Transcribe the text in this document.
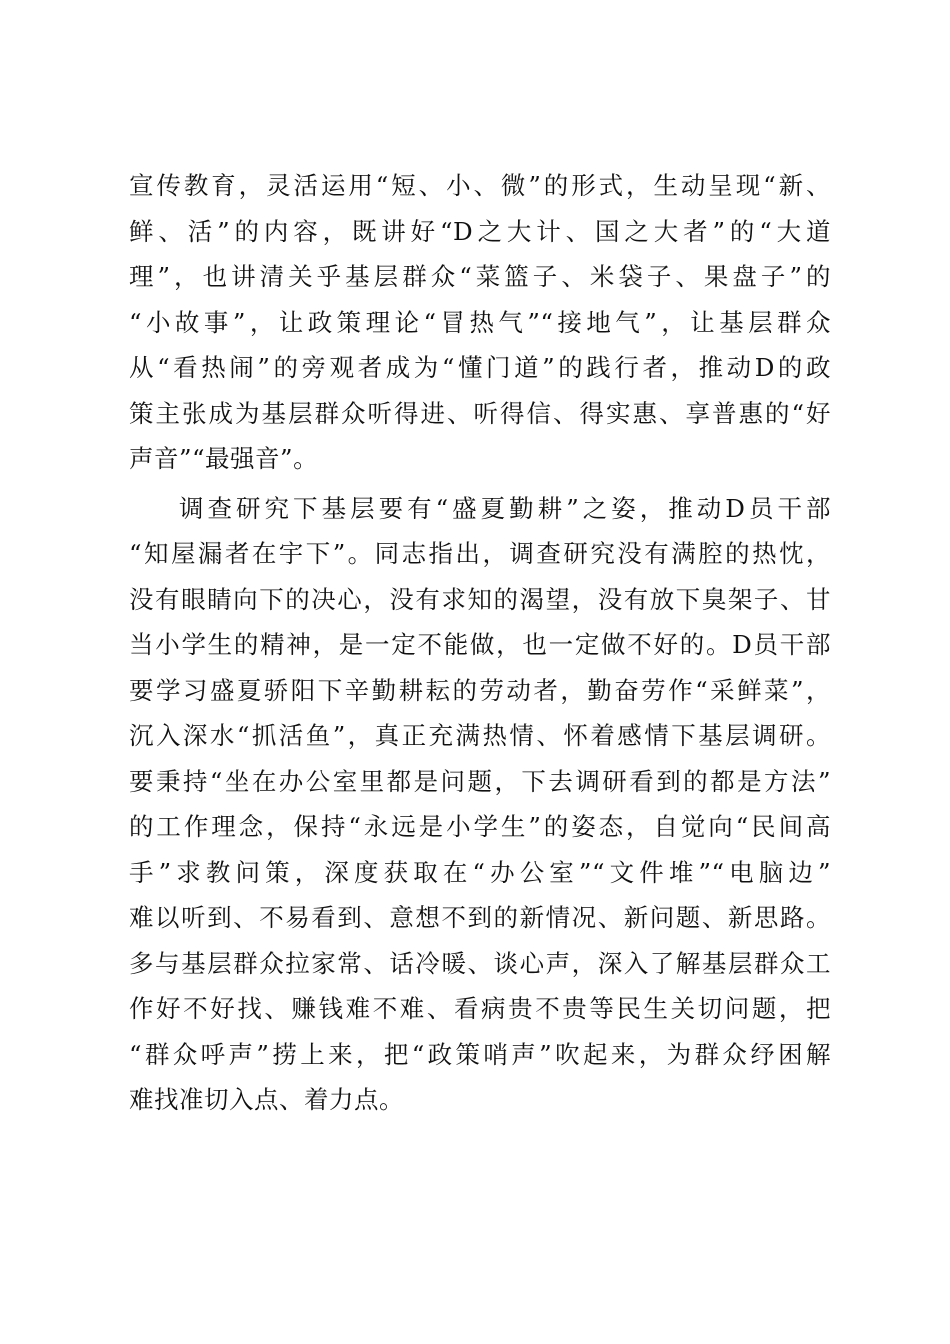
宣传教育，灵活运用“短、小、微”的形式，生动呈现“新、
鲜、活”的内容，既讲好“D之大计、国之大者”的“大道
理”，也讲清关乎基层群众“菜篮子、米袋子、果盘子”的
“小故事”，让政策理论“冒热气”“接地气”，让基层群众
从“看热闹”的旁观者成为“懂门道”的践行者，推动D的政
策主张成为基层群众听得进、听得信、得实惠、享普惠的“好
声音”“最强音”。

调查研究下基层要有“盛夏勤耕”之姿，推动D员干部
“知屋漏者在宇下”。同志指出，调查研究没有满腔的热忱，
没有眼睛向下的决心，没有求知的渴望，没有放下臭架子、甘
当小学生的精神，是一定不能做，也一定做不好的。D员干部
要学习盛夏骄阳下辛勤耕耘的劳动者，勤奋劳作“采鲜菜”，
沉入深水“抓活鱼”，真正充满热情、怀着感情下基层调研。
要秉持“坐在办公室里都是问题，下去调研看到的都是方法”
的工作理念，保持“永远是小学生”的姿态，自觉向“民间高
手”求教问策，深度获取在“办公室”“文件堆”“电脑边”
难以听到、不易看到、意想不到的新情况、新问题、新思路。
多与基层群众拉家常、话冷暖、谈心声，深入了解基层群众工
作好不好找、赚钱难不难、看病贵不贵等民生关切问题，把
“群众呼声”捞上来，把“政策哨声”吹起来，为群众纾困解
难找准切入点、着力点。
